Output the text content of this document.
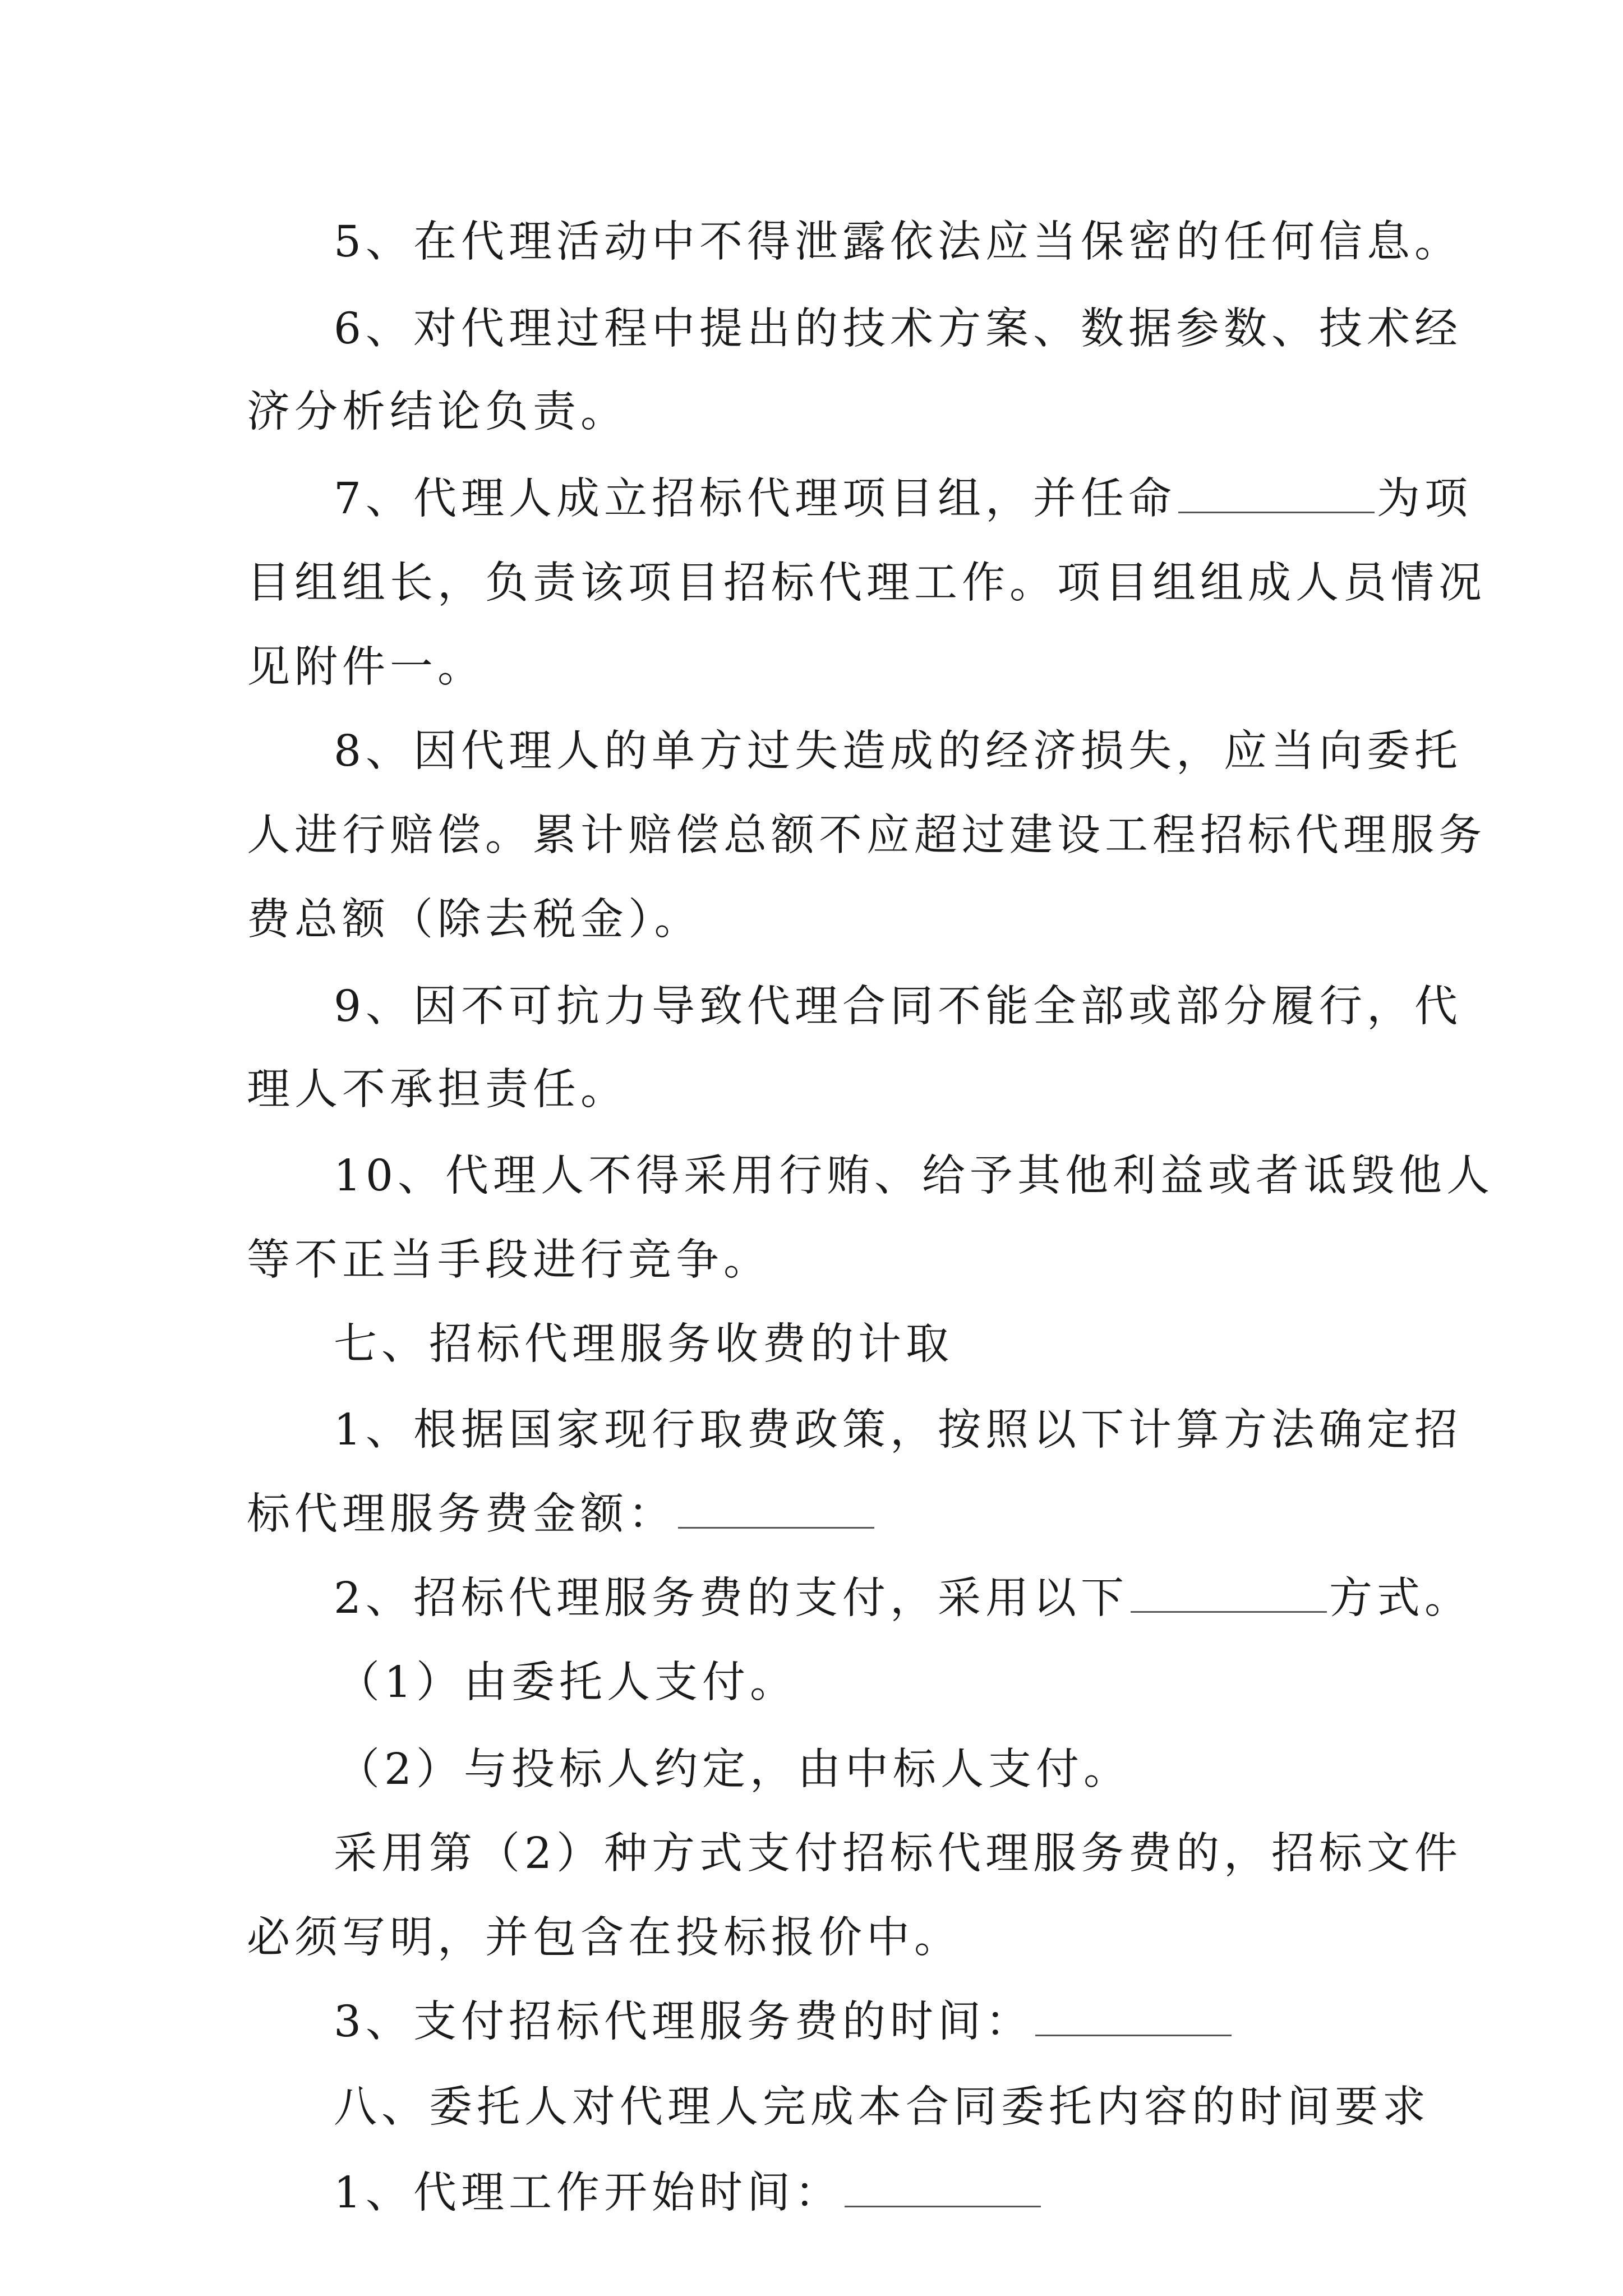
5、在代理活动中不得泄露依法应当保密的任何信息。
6、对代理过程中提出的技术方案、数据参数、技术经
济分析结论负责。
7、代理人成立招标代理项目组，并任命	为项
目组组长，负责该项目招标代理工作。项目组组成人员情况
见附件一。
8、因代理人的单方过失造成的经济损失，应当向委托
人进行赔偿。累计赔偿总额不应超过建设工程招标代理服务
费总额（除去税金）。
9、因不可抗力导致代理合同不能全部或部分履行，代
理人不承担责任。
10、代理人不得采用行贿、给予其他利益或者诋毁他人
等不正当手段进行竞争。
七、招标代理服务收费的计取
1、根据国家现行取费政策，按照以下计算方法确定招
标代理服务费金额：
2、招标代理服务费的支付，采用以下	方式。
（1）由委托人支付。
（2）与投标人约定，由中标人支付。
采用第（2）种方式支付招标代理服务费的，招标文件
必须写明，并包含在投标报价中。
3、支付招标代理服务费的时间：
八、委托人对代理人完成本合同委托内容的时间要求
1、代理工作开始时间：
